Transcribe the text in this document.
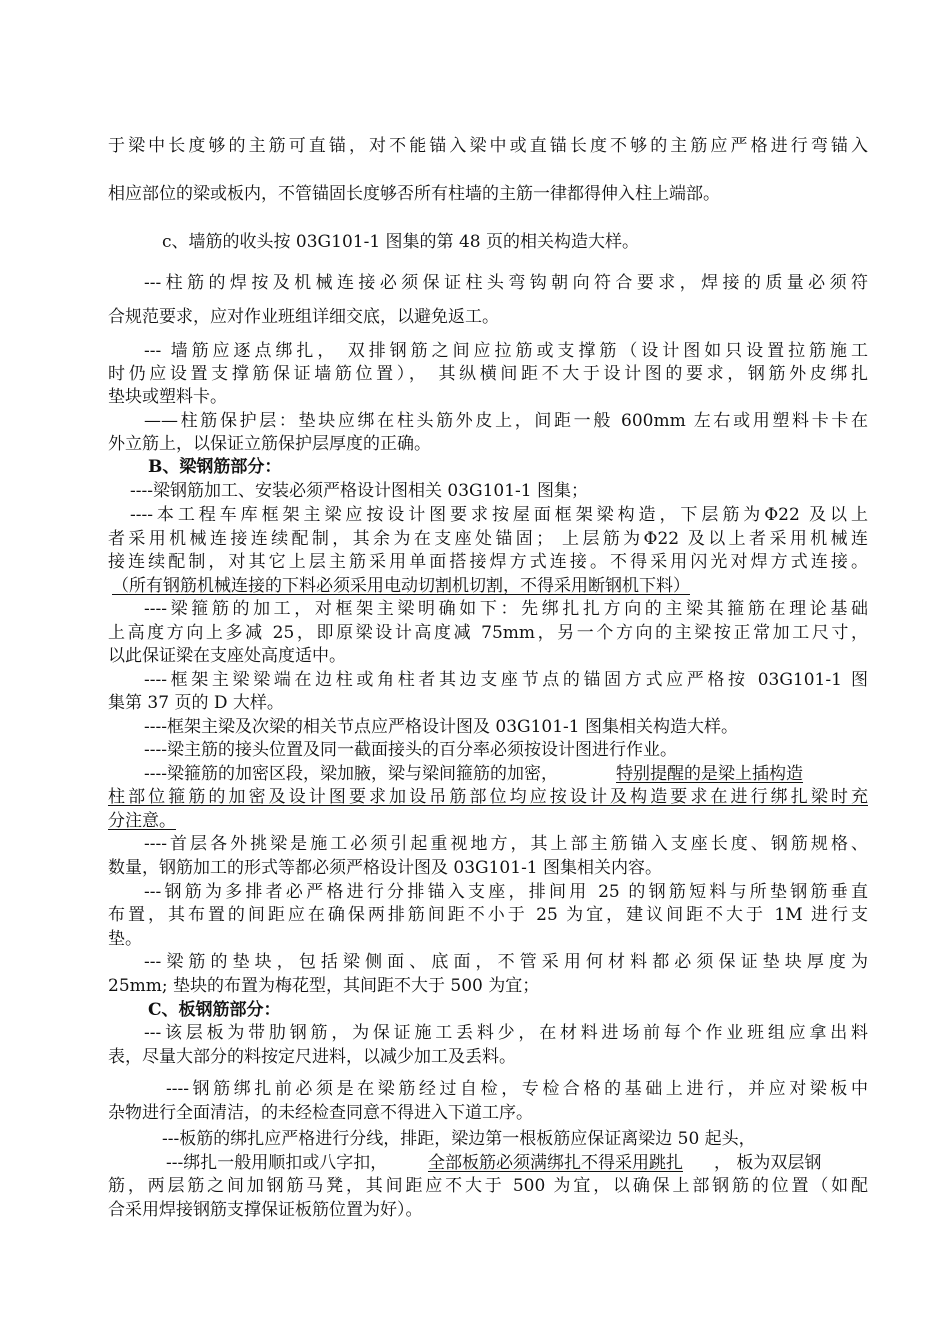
于梁中长度够的主筋可直锚，对不能锚入梁中或直锚长度不够的主筋应严格进行弯锚入
相应部位的梁或板内，不管锚固长度够否所有柱墙的主筋一律都得伸入柱上端部。
c、墙筋的收头按 03G101-1 图集的第 48 页的相关构造大样。
---柱筋的焊按及机械连接必须保证柱头弯钩朝向符合要求，焊接的质量必须符
合规范要求，应对作业班组详细交底，以避免返工。
--- 墙筋应逐点绑扎， 双排钢筋之间应拉筋或支撑筋（设计图如只设置拉筋施工
时仍应设置支撑筋保证墙筋位置）， 其纵横间距不大于设计图的要求，钢筋外皮绑扎
垫块或塑料卡。
——柱筋保护层：垫块应绑在柱头筋外皮上，间距一般 600mm 左右或用塑料卡卡在
外立筋上，以保证立筋保护层厚度的正确。
B、梁钢筋部分：
----梁钢筋加工、安装必须严格设计图相关 03G101-1 图集；
----本工程车库框架主梁应按设计图要求按屋面框架梁构造，下层筋为Φ22 及以上
者采用机械连接连续配制，其余为在支座处锚固； 上层筋为Φ22 及以上者采用机械连
接连续配制，对其它上层主筋采用单面搭接焊方式连接。不得采用闪光对焊方式连接。
（所有钢筋机械连接的下料必须采用电动切割机切割，不得采用断钢机下料）
----梁箍筋的加工，对框架主梁明确如下：先绑扎扎方向的主梁其箍筋在理论基础
上高度方向上多减 25，即原梁设计高度减 75mm，另一个方向的主梁按正常加工尺寸，
以此保证梁在支座处高度适中。
----框架主梁梁端在边柱或角柱者其边支座节点的锚固方式应严格按 03G101-1 图
集第 37 页的 D 大样。
----框架主梁及次梁的相关节点应严格设计图及 03G101-1 图集相关构造大样。
----梁主筋的接头位置及同一截面接头的百分率必须按设计图进行作业。
----梁箍筋的加密区段，梁加腋，梁与梁间箍筋的加密，	特别提醒的是梁上插构造
柱部位箍筋的加密及设计图要求加设吊筋部位均应按设计及构造要求在进行绑扎梁时充
分注意。
----首层各外挑梁是施工必须引起重视地方，其上部主筋锚入支座长度、钢筋规格、
数量，钢筋加工的形式等都必须严格设计图及 03G101-1 图集相关内容。
---钢筋为多排者必严格进行分排锚入支座，排间用 25 的钢筋短料与所垫钢筋垂直
布置，其布置的间距应在确保两排筋间距不小于 25 为宜，建议间距不大于 1M 进行支
垫。
---梁筋的垫块，包括梁侧面、底面，不管采用何材料都必须保证垫块厚度为
25mm; 垫块的布置为梅花型，其间距不大于 500 为宜；
C、板钢筋部分：
---该层板为带肋钢筋，为保证施工丢料少，在材料进场前每个作业班组应拿出料
表，尽量大部分的料按定尺进料，以减少加工及丢料。
----钢筋绑扎前必须是在梁筋经过自检，专检合格的基础上进行，并应对梁板中
杂物进行全面清洁，的未经检查同意不得进入下道工序。
---板筋的绑扎应严格进行分线，排距，梁边第一根板筋应保证离梁边 50 起头，
---绑扎一般用顺扣或八字扣，	全部板筋必须满绑扎不得采用跳扎	， 板为双层钢
筋，两层筋之间加钢筋马凳，其间距应不大于 500 为宜，以确保上部钢筋的位置（如配
合采用焊接钢筋支撑保证板筋位置为好）。
